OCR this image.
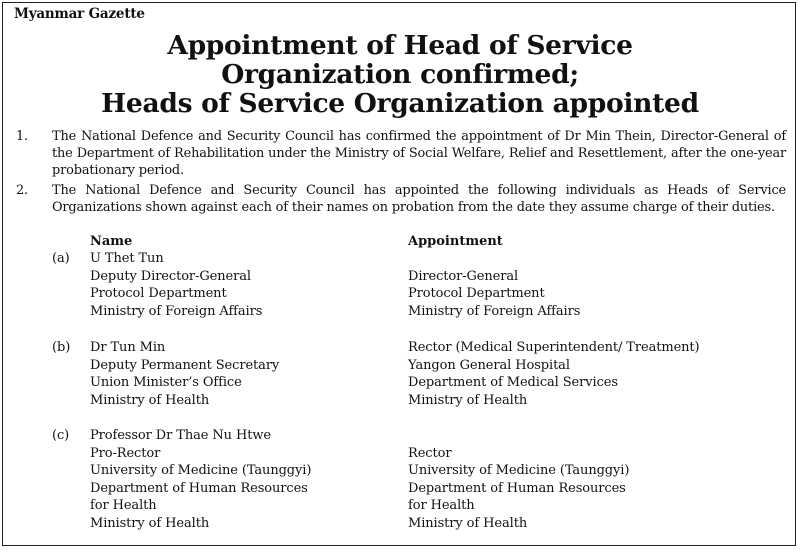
Myanmar Gazette
Appointment of Head of Service
Organization confirmed;
Heads of Service Organization appointed
1. The National Defence and Security Council has confirmed the appointment of Dr Min Thein, Director-General of the Department of Rehabilitation under the Ministry of Social Welfare, Relief and Resettlement, after the one-year probationary period.
2. The National Defence and Security Council has appointed the following individuals as Heads of Service Organizations shown against each of their names on probation from the date they assume charge of their duties.
Name	Appointment
(a) U Thet Tun
Deputy Director-General
Protocol Department
Ministry of Foreign Affairs
Director-General
Protocol Department
Ministry of Foreign Affairs
(b) Dr Tun Min
Deputy Permanent Secretary
Union Minister’s Office
Ministry of Health
Rector (Medical Superintendent/ Treatment)
Yangon General Hospital
Department of Medical Services
Ministry of Health
(c) Professor Dr Thae Nu Htwe
Pro-Rector
University of Medicine (Taunggyi)
Department of Human Resources
for Health
Ministry of Health
Rector
University of Medicine (Taunggyi)
Department of Human Resources
for Health
Ministry of Health
